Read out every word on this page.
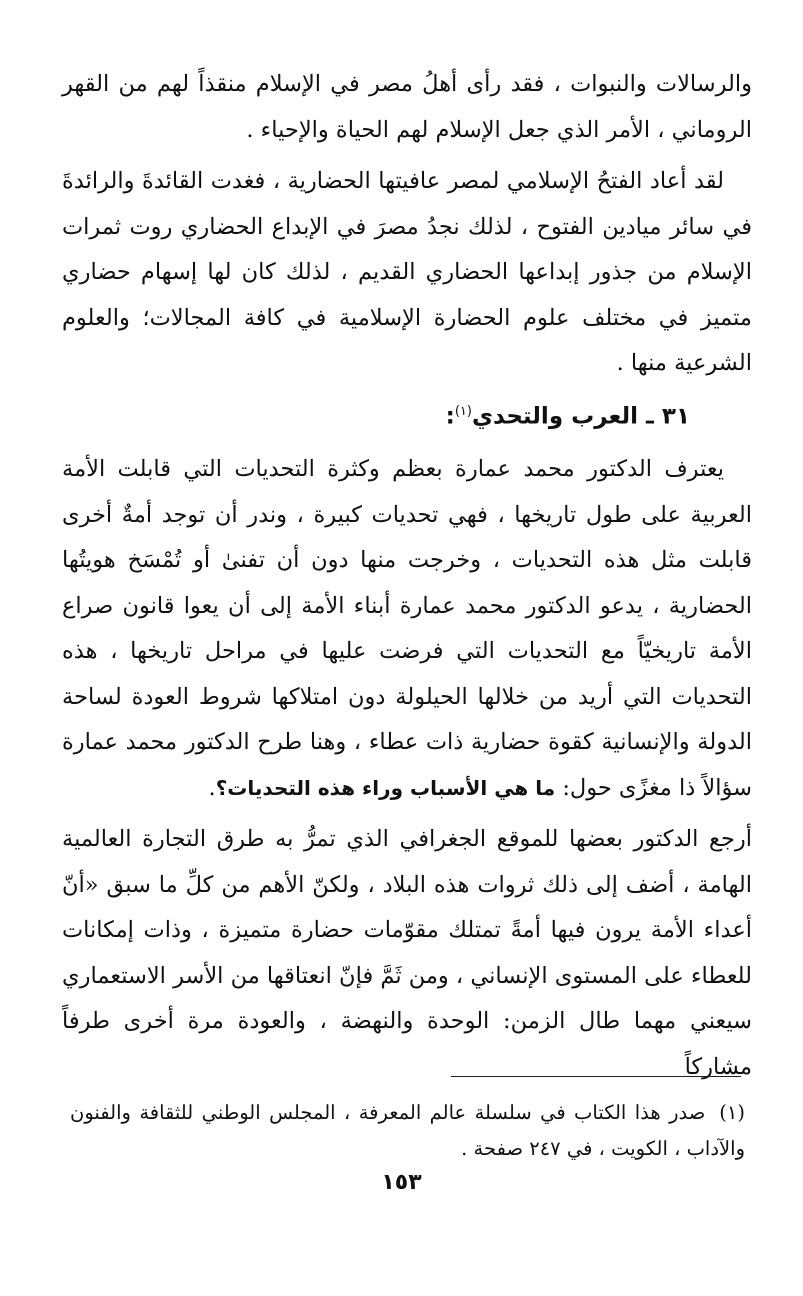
والرسالات والنبوات ، فقد رأى أهلُ مصر في الإسلام منقذاً لهم من القهر الروماني ، الأمر الذي جعل الإسلام لهم الحياة والإحياء .

لقد أعاد الفتحُ الإسلامي لمصر عافيتها الحضارية ، فغدت القائدةَ والرائدةَ في سائر ميادين الفتوح ، لذلك نجدُ مصرَ في الإبداع الحضاري روت ثمرات الإسلام من جذور إبداعها الحضاري القديم ، لذلك كان لها إسهام حضاري متميز في مختلف علوم الحضارة الإسلامية في كافة المجالات؛ والعلوم الشرعية منها .

٣١ ـ العرب والتحدي$^{(١)}$:

يعترف الدكتور محمد عمارة بعظم وكثرة التحديات التي قابلت الأمة العربية على طول تاريخها ، فهي تحديات كبيرة ، وندر أن توجد أمةٌ أخرى قابلت مثل هذه التحديات ، وخرجت منها دون أن تفنىٰ أو تُمْسَخ هويتُها الحضارية ، يدعو الدكتور محمد عمارة أبناء الأمة إلى أن يعوا قانون صراع الأمة تاريخيّاً مع التحديات التي فرضت عليها في مراحل تاريخها ، هذه التحديات التي أريد من خلالها الحيلولة دون امتلاكها شروط العودة لساحة الدولة والإنسانية كقوة حضارية ذات عطاء ، وهنا طرح الدكتور محمد عمارة سؤالاً ذا مغزًى حول: ما هي الأسباب وراء هذه التحديات؟.

أرجع الدكتور بعضها للموقع الجغرافي الذي تمرُّ به طرق التجارة العالمية الهامة ، أضف إلى ذلك ثروات هذه البلاد ، ولكنّ الأهم من كلِّ ما سبق «أنّ أعداء الأمة يرون فيها أمةً تمتلك مقوّمات حضارة متميزة ، وذات إمكانات للعطاء على المستوى الإنساني ، ومن ثَمَّ فإنّ انعتاقها من الأسر الاستعماري سيعني مهما طال الزمن: الوحدة والنهضة ، والعودة مرة أخرى طرفاً مشاركاً

(١)صدر هذا الكتاب في سلسلة عالم المعرفة ، المجلس الوطني للثقافة والفنون والآداب ، الكويت ، في ٢٤٧ صفحة .
١٥٣
